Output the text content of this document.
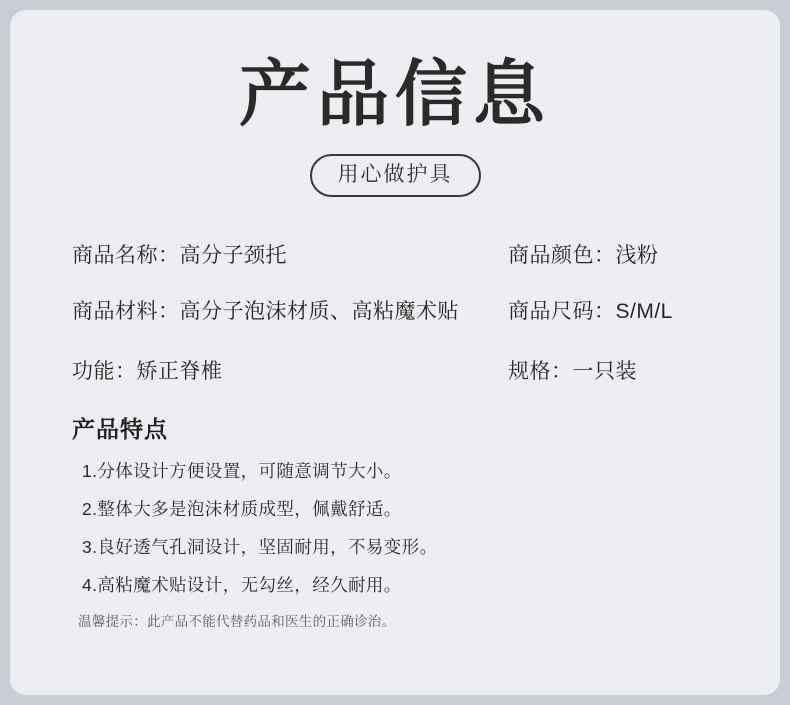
产品信息
用心做护具
商品名称：高分子颈托	商品颜色：浅粉
商品材料：高分子泡沫材质、高粘魔术贴 商品尺码：S/M/L
功能：矫正脊椎	规格：一只装
产品特点
1.分体设计方便设置，可随意调节大小。
2.整体大多是泡沫材质成型，佩戴舒适。
3.良好透气孔洞设计，坚固耐用，不易变形。
4.高粘魔术贴设计，无勾丝，经久耐用。
温馨提示：此产品不能代替药品和医生的正确诊治。
